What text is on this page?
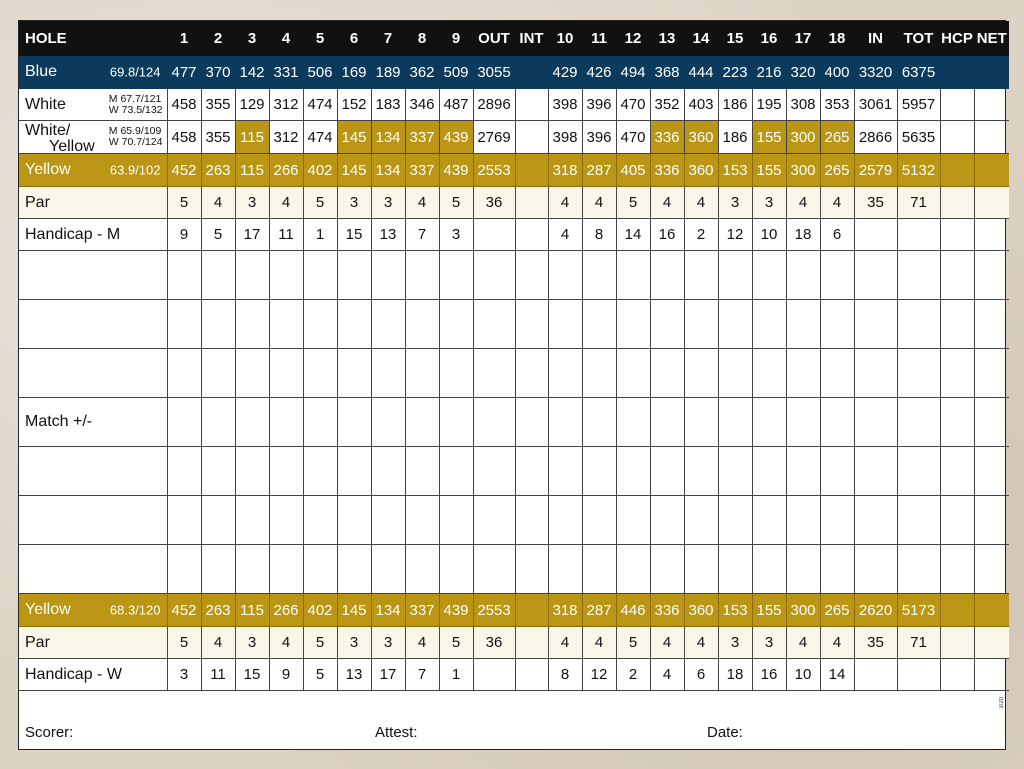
HOLE	1	2	3	4	5	6	7	8	9	OUT	INT	10	11	12	13	14	15	16	17	18	IN	TOT	HCP	NET

Blue 69.8/124	477	370	142	331	506	169	189	362	509	3055		429	426	494	368	444	223	216	320	400	3320	6375		

White M 67.7/121
W 73.5/132	458	355	129	312	474	152	183	346	487	2896		398	396	470	352	403	186	195	308	353	3061	5957		

White/
Yellow
M 65.9/109
W 70.7/124	458	355	115	312	474	145	134	337	439	2769		398	396	470	336	360	186	155	300	265	2866	5635		

Yellow 63.9/102	452	263	115	266	402	145	134	337	439	2553		318	287	405	336	360	153	155	300	265	2579	5132		

Par	5	4	3	4	5	3	3	4	5	36		4	4	5	4	4	3	3	4	4	35	71		

Handicap - M	9	5	17	11	1	15	13	7	3			4	8	14	16	2	12	10	18	6				

Match +/-																								

Yellow 68.3/120	452	263	115	266	402	145	134	337	439	2553		318	287	446	336	360	153	155	300	265	2620	5173		

Par	5	4	3	4	5	3	3	4	5	36		4	4	5	4	4	3	3	4	4	35	71		

Handicap - W	3	11	15	9	5	13	17	7	1			8	12	2	4	6	18	16	10	14				

Scorer: Attest: Date:
3/20																								
